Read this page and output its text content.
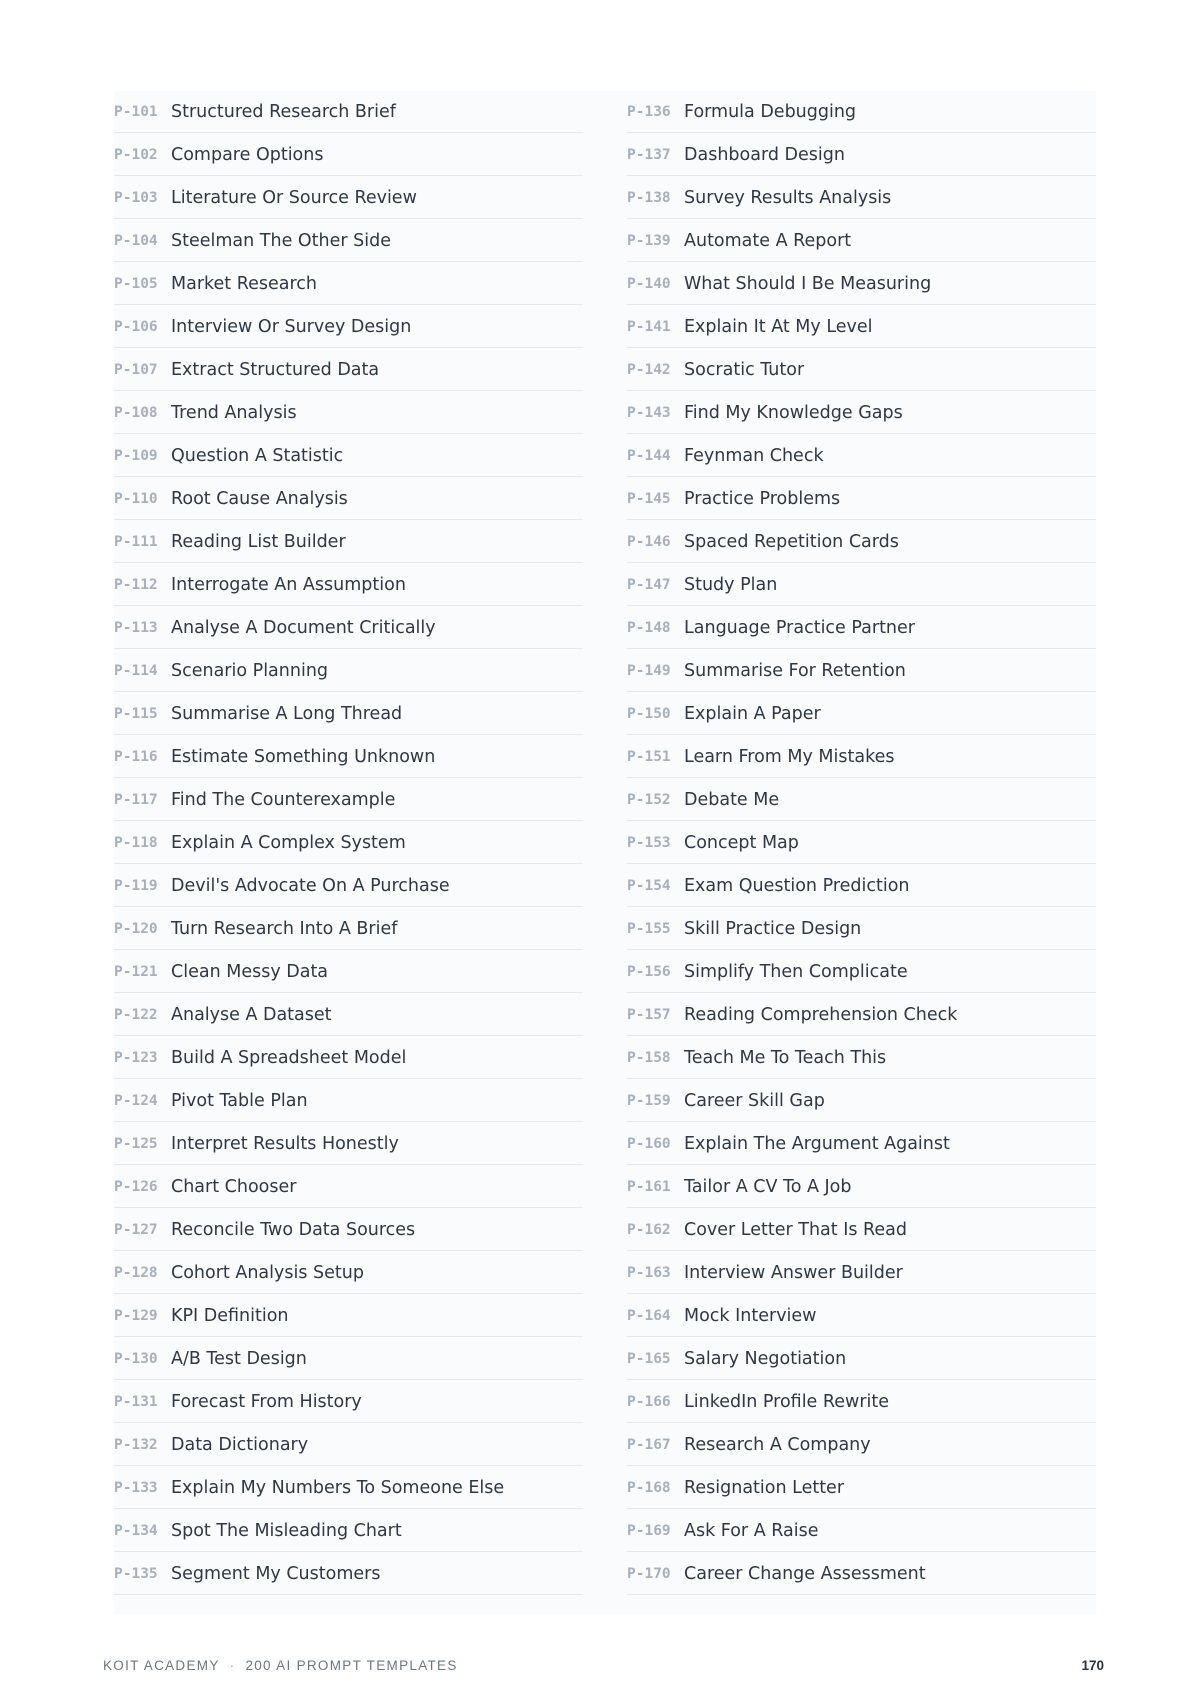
P-101 Structured Research Brief
P-102 Compare Options
P-103 Literature Or Source Review
P-104 Steelman The Other Side
P-105 Market Research
P-106 Interview Or Survey Design
P-107 Extract Structured Data
P-108 Trend Analysis
P-109 Question A Statistic
P-110 Root Cause Analysis
P-111 Reading List Builder
P-112 Interrogate An Assumption
P-113 Analyse A Document Critically
P-114 Scenario Planning
P-115 Summarise A Long Thread
P-116 Estimate Something Unknown
P-117 Find The Counterexample
P-118 Explain A Complex System
P-119 Devil's Advocate On A Purchase
P-120 Turn Research Into A Brief
P-121 Clean Messy Data
P-122 Analyse A Dataset
P-123 Build A Spreadsheet Model
P-124 Pivot Table Plan
P-125 Interpret Results Honestly
P-126 Chart Chooser
P-127 Reconcile Two Data Sources
P-128 Cohort Analysis Setup
P-129 KPI Definition
P-130 A/B Test Design
P-131 Forecast From History
P-132 Data Dictionary
P-133 Explain My Numbers To Someone Else
P-134 Spot The Misleading Chart
P-135 Segment My Customers
P-136 Formula Debugging
P-137 Dashboard Design
P-138 Survey Results Analysis
P-139 Automate A Report
P-140 What Should I Be Measuring
P-141 Explain It At My Level
P-142 Socratic Tutor
P-143 Find My Knowledge Gaps
P-144 Feynman Check
P-145 Practice Problems
P-146 Spaced Repetition Cards
P-147 Study Plan
P-148 Language Practice Partner
P-149 Summarise For Retention
P-150 Explain A Paper
P-151 Learn From My Mistakes
P-152 Debate Me
P-153 Concept Map
P-154 Exam Question Prediction
P-155 Skill Practice Design
P-156 Simplify Then Complicate
P-157 Reading Comprehension Check
P-158 Teach Me To Teach This
P-159 Career Skill Gap
P-160 Explain The Argument Against
P-161 Tailor A CV To A Job
P-162 Cover Letter That Is Read
P-163 Interview Answer Builder
P-164 Mock Interview
P-165 Salary Negotiation
P-166 LinkedIn Profile Rewrite
P-167 Research A Company
P-168 Resignation Letter
P-169 Ask For A Raise
P-170 Career Change Assessment
KOIT ACADEMY · 200 AI PROMPT TEMPLATES	170
